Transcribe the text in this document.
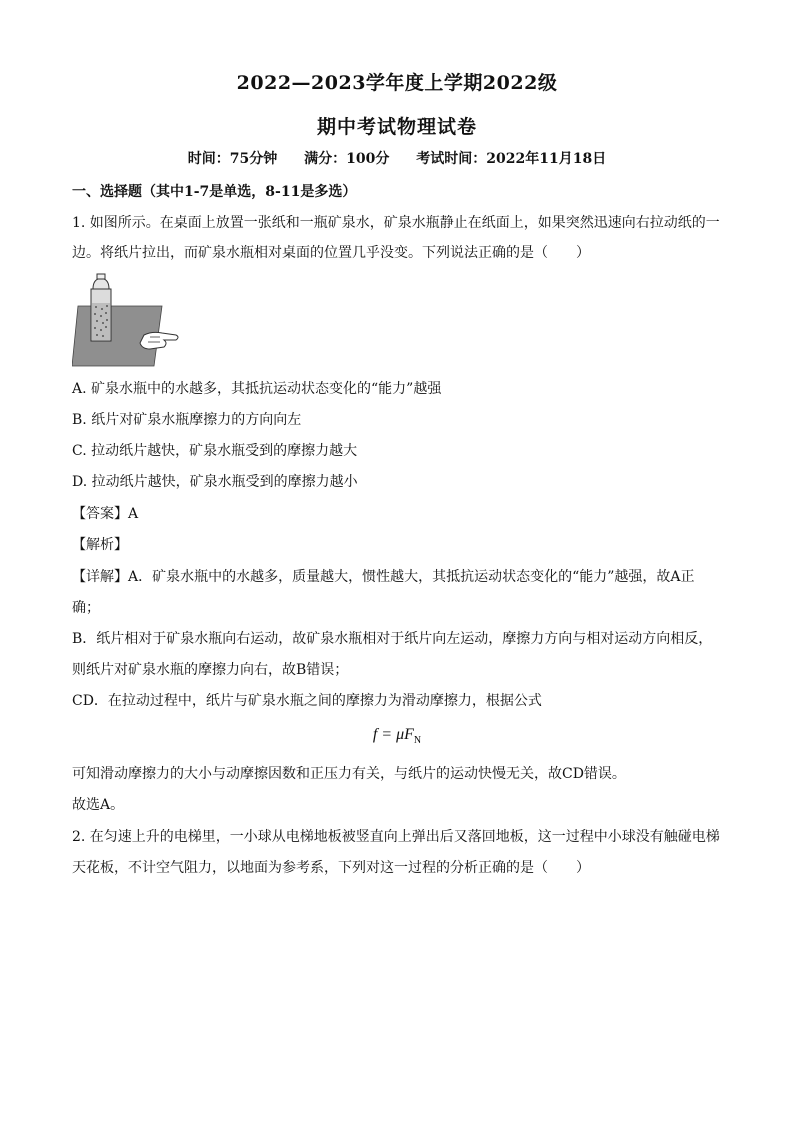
2022—2023学年度上学期2022级
期中考试物理试卷
时间：75分钟 满分：100分 考试时间：2022年11月18日
一、选择题（其中1-7是单选，8-11是多选）
1. 如图所示。在桌面上放置一张纸和一瓶矿泉水，矿泉水瓶静止在纸面上，如果突然迅速向右拉动纸的一
边。将纸片拉出，而矿泉水瓶相对桌面的位置几乎没变。下列说法正确的是（　　）
A. 矿泉水瓶中的水越多，其抵抗运动状态变化的“能力”越强
B. 纸片对矿泉水瓶摩擦力的方向向左
C. 拉动纸片越快，矿泉水瓶受到的摩擦力越大
D. 拉动纸片越快，矿泉水瓶受到的摩擦力越小
【答案】A
【解析】
【详解】A．矿泉水瓶中的水越多，质量越大，惯性越大，其抵抗运动状态变化的“能力”越强，故A正
确；
B．纸片相对于矿泉水瓶向右运动，故矿泉水瓶相对于纸片向左运动，摩擦力方向与相对运动方向相反，
则纸片对矿泉水瓶的摩擦力向右，故B错误；
CD．在拉动过程中，纸片与矿泉水瓶之间的摩擦力为滑动摩擦力，根据公式
$f = \mu F_N$
可知滑动摩擦力的大小与动摩擦因数和正压力有关，与纸片的运动快慢无关，故CD错误。
故选A。
2. 在匀速上升的电梯里，一小球从电梯地板被竖直向上弹出后又落回地板，这一过程中小球没有触碰电梯
天花板，不计空气阻力，以地面为参考系，下列对这一过程的分析正确的是（　　）
